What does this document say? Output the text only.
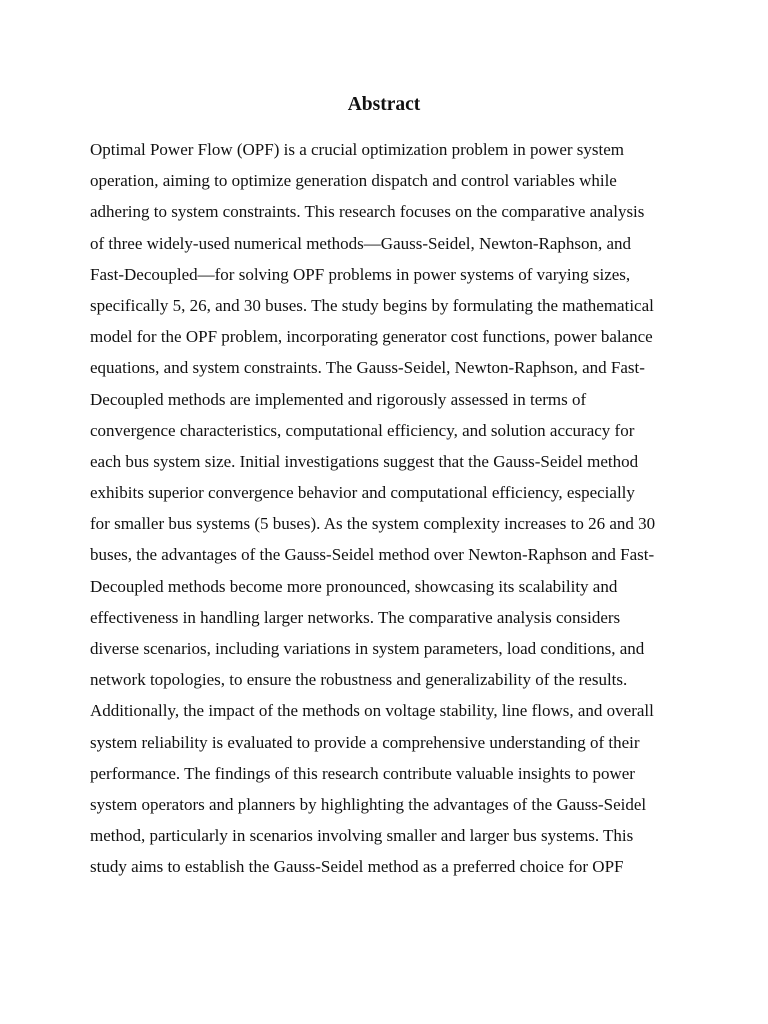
Abstract
Optimal Power Flow (OPF) is a crucial optimization problem in power system
operation, aiming to optimize generation dispatch and control variables while
adhering to system constraints. This research focuses on the comparative analysis
of three widely-used numerical methods—Gauss-Seidel, Newton-Raphson, and
Fast-Decoupled—for solving OPF problems in power systems of varying sizes,
specifically 5, 26, and 30 buses. The study begins by formulating the mathematical
model for the OPF problem, incorporating generator cost functions, power balance
equations, and system constraints. The Gauss-Seidel, Newton-Raphson, and Fast-
Decoupled methods are implemented and rigorously assessed in terms of
convergence characteristics, computational efficiency, and solution accuracy for
each bus system size. Initial investigations suggest that the Gauss-Seidel method
exhibits superior convergence behavior and computational efficiency, especially
for smaller bus systems (5 buses). As the system complexity increases to 26 and 30
buses, the advantages of the Gauss-Seidel method over Newton-Raphson and Fast-
Decoupled methods become more pronounced, showcasing its scalability and
effectiveness in handling larger networks. The comparative analysis considers
diverse scenarios, including variations in system parameters, load conditions, and
network topologies, to ensure the robustness and generalizability of the results.
Additionally, the impact of the methods on voltage stability, line flows, and overall
system reliability is evaluated to provide a comprehensive understanding of their
performance. The findings of this research contribute valuable insights to power
system operators and planners by highlighting the advantages of the Gauss-Seidel
method, particularly in scenarios involving smaller and larger bus systems. This
study aims to establish the Gauss-Seidel method as a preferred choice for OPF
